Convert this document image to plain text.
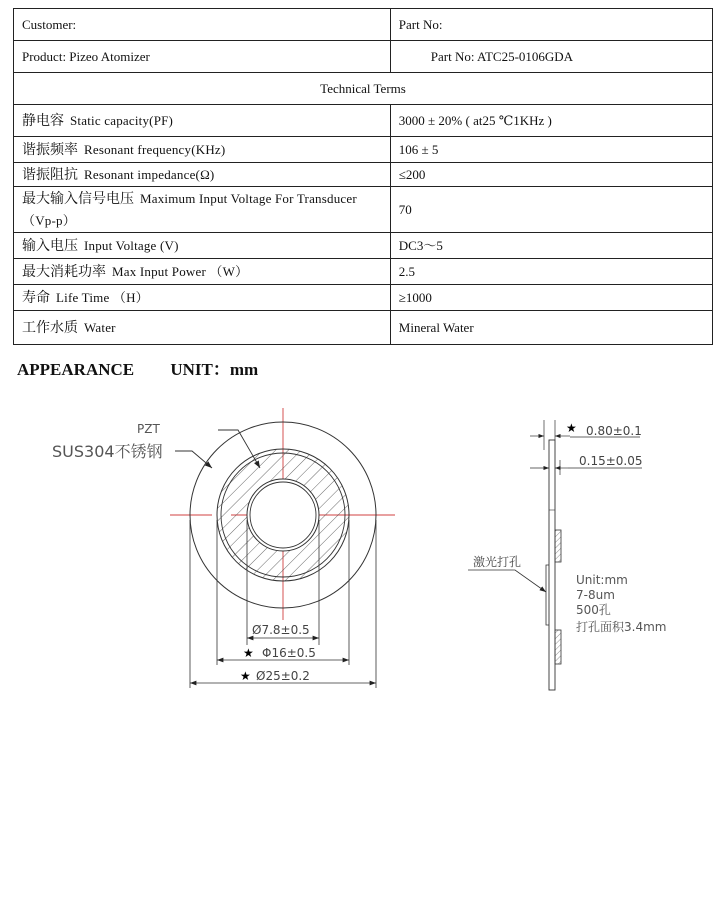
Customer:	Part No:
Product: Pizeo Atomizer	Part No: ATC25-0106GDA
Technical Terms	
静电容 Static capacity(PF)	3000 ± 20% ( at25 ℃1KHz )
谐振频率 Resonant frequency(KHz)	106 ± 5
谐振阻抗 Resonant impedance(Ω)	≤200
最大输入信号电压 Maximum Input Voltage For Transducer（Vp-p）	70
输入电压 Input Voltage (V)	DC3～5
最大消耗功率 Max Input Power （W）	2.5
寿命 Life Time （H）	≥1000
工作水质 Water	Mineral Water
APPEARANCE UNIT：mm
PZT
SUS304不锈钢
Ø7.8±0.5
★ Φ16±0.5
★ Ø25±0.2
★ 0.80±0.1
0.15±0.05
激光打孔
Unit:mm
7-8um
500孔
打孔面积3.4mm
